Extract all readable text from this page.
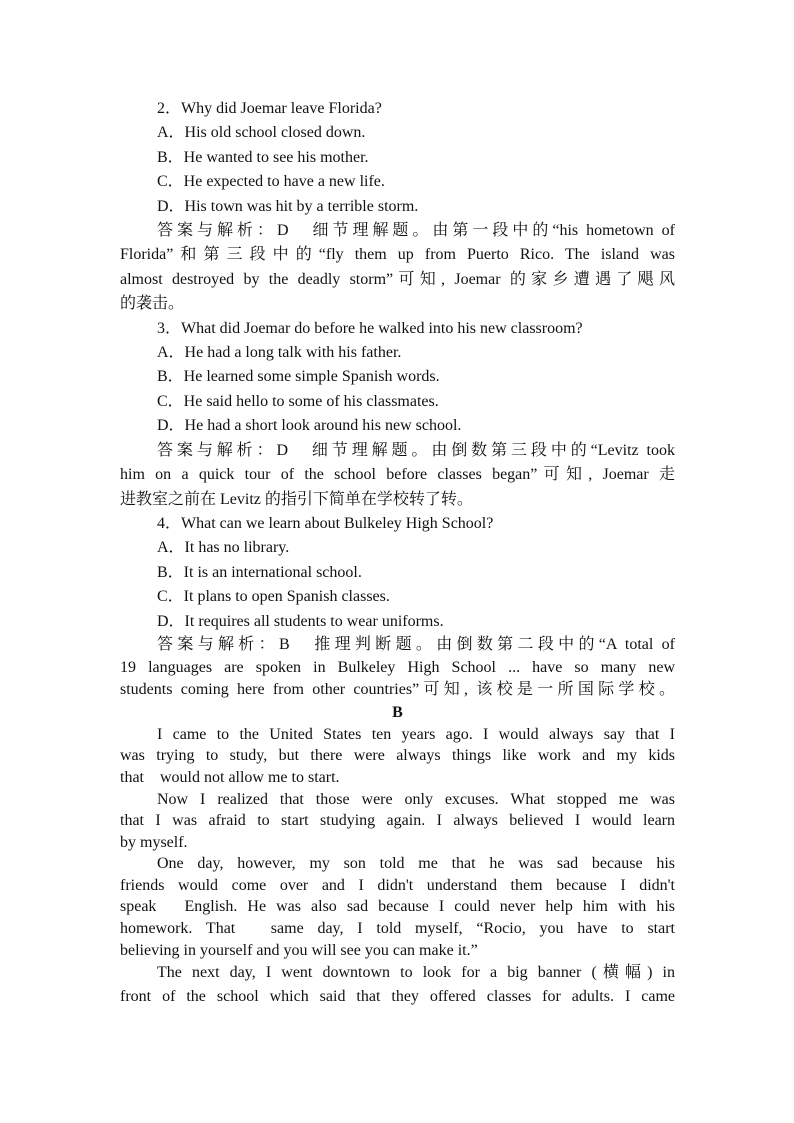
2．Why did Joemar leave Florida?
A．His old school closed down.
B．He wanted to see his mother.
C．He expected to have a new life.
D．His town was hit by a terrible storm.
答案与解析：D　细节理解题。由第一段中的“his hometown of
Florida”和第三段中的“fly them up from Puerto Rico. The island was
almost destroyed by the deadly storm”可知, Joemar 的家乡遭遇了飓风
的袭击。
3．What did Joemar do before he walked into his new classroom?
A．He had a long talk with his father.
B．He learned some simple Spanish words.
C．He said hello to some of his classmates.
D．He had a short look around his new school.
答案与解析：D　细节理解题。由倒数第三段中的“Levitz took
him on a quick tour of the school before classes began”可知, Joemar 走
进教室之前在 Levitz 的指引下简单在学校转了转。
4．What can we learn about Bulkeley High School?
A．It has no library.
B．It is an international school.
C．It plans to open Spanish classes.
D．It requires all students to wear uniforms.
答案与解析：B　推理判断题。由倒数第二段中的“A total of
19 languages are spoken in Bulkeley High School ... have so many new
students coming here from other countries”可知, 该校是一所国际学校。
B
I came to the United States ten years ago. I would always say that I
was trying to study, but there were always things like work and my kids
that　would not allow me to start.
Now I realized that those were only excuses. What stopped me was
that I was afraid to start studying again. I always believed I would learn
by myself.
One day, however, my son told me that he was sad because his
friends would come over and I didn't understand them because I didn't
speak　English. He was also sad because I could never help him with his
homework. That　same day, I told myself, “Rocio, you have to start
believing in yourself and you will see you can make it.”
The next day, I went downtown to look for a big banner (横幅) in
front of the school which said that they offered classes for adults. I came
